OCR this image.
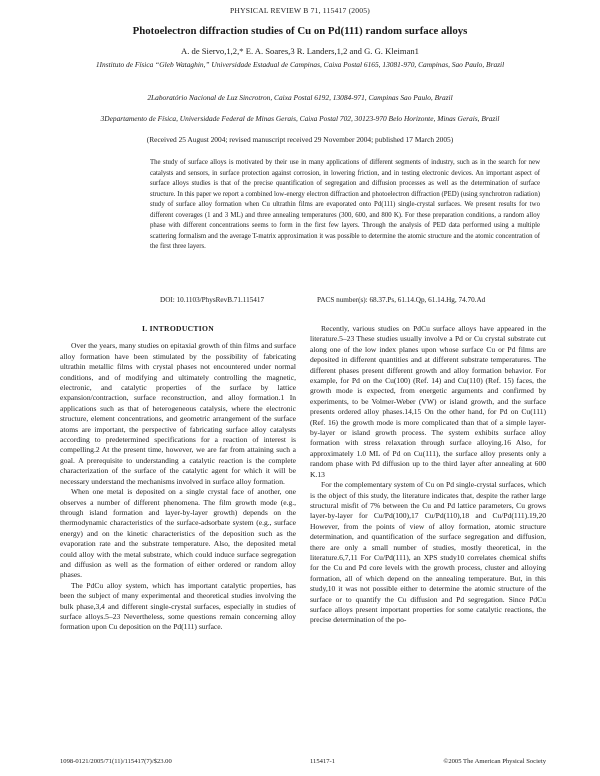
PHYSICAL REVIEW B 71, 115417 (2005)
Photoelectron diffraction studies of Cu on Pd(111) random surface alloys
A. de Siervo,1,2,* E. A. Soares,3 R. Landers,1,2 and G. G. Kleiman1
1Instituto de Física “Gleb Wataghin,” Universidade Estadual de Campinas, Caixa Postal 6165, 13081-970, Campinas, Sao Paulo, Brazil
2Laboratório Nacional de Luz Sincrotron, Caixa Postal 6192, 13084-971, Campinas Sao Paulo, Brazil
3Departamento de Física, Universidade Federal de Minas Gerais, Caixa Postal 702, 30123-970 Belo Horizonte, Minas Gerais, Brazil
(Received 25 August 2004; revised manuscript received 29 November 2004; published 17 March 2005)
The study of surface alloys is motivated by their use in many applications of different segments of industry, such as in the search for new catalysts and sensors, in surface protection against corrosion, in lowering friction, and in testing electronic devices. An important aspect of surface alloys studies is that of the precise quantification of segregation and diffusion processes as well as the determination of surface structure. In this paper we report a combined low-energy electron diffraction and photoelectron diffraction (PED) (using synchrotron radiation) study of surface alloy formation when Cu ultrathin films are evaporated onto Pd(111) single-crystal surfaces. We present results for two different coverages (1 and 3 ML) and three annealing temperatures (300, 600, and 800 K). For these preparation conditions, a random alloy phase with different concentrations seems to form in the first few layers. Through the analysis of PED data performed using a multiple scattering formalism and the average T-matrix approximation it was possible to determine the atomic structure and the atomic concentration of the first three layers.
DOI: 10.1103/PhysRevB.71.115417	PACS number(s): 68.37.Ps, 61.14.Qp, 61.14.Hg, 74.70.Ad
I. INTRODUCTION

Over the years, many studies on epitaxial growth of thin films and surface alloy formation have been stimulated by the possibility of fabricating ultrathin metallic films with crystal phases not encountered under normal conditions, and of modifying and ultimately controlling the magnetic, electronic, and catalytic properties of the surface by lattice expansion/contraction, surface reconstruction, and alloy formation.1 In applications such as that of heterogeneous catalysis, where the electronic structure, element concentrations, and geometric arrangement of the surface atoms are important, the perspective of fabricating surface alloy catalysts according to predetermined specifications for a reaction of interest is compelling.2 At the present time, however, we are far from attaining such a goal. A prerequisite to understanding a catalytic reaction is the complete characterization of the surface of the catalytic agent for which it will be necessary understand the mechanisms involved in surface alloy formation.

When one metal is deposited on a single crystal face of another, one observes a number of different phenomena. The film growth mode (e.g., through island formation and layer-by-layer growth) depends on the thermodynamic characteristics of the surface-adsorbate system (e.g., surface energy) and on the kinetic characteristics of the deposition such as the evaporation rate and the substrate temperature. Also, the deposited metal could alloy with the metal substrate, which could induce surface segregation and diffusion as well as the formation of either ordered or random alloy phases.

The PdCu alloy system, which has important catalytic properties, has been the subject of many experimental and theoretical studies involving the bulk phase,3,4 and different single-crystal surfaces, especially in studies of surface alloys.5–23 Nevertheless, some questions remain concerning alloy formation upon Cu deposition on the Pd(111) surface.

Recently, various studies on PdCu surface alloys have appeared in the literature.5–23 These studies usually involve a Pd or Cu crystal substrate cut along one of the low index planes upon whose surface Cu or Pd films are deposited in different quantities and at different substrate temperatures. The different phases present different growth and alloy formation behavior. For example, for Pd on the Cu(100) (Ref. 14) and Cu(110) (Ref. 15) faces, the growth mode is expected, from energetic arguments and confirmed by experiments, to be Volmer-Weber (VW) or island growth, and the surface presents ordered alloy phases.14,15 On the other hand, for Pd on Cu(111) (Ref. 16) the growth mode is more complicated than that of a simple layer-by-layer or island growth process. The system exhibits surface alloy formation with stress relaxation through surface alloying.16 Also, for approximately 1.0 ML of Pd on Cu(111), the surface alloy presents only a random phase with Pd diffusion up to the third layer after annealing at 600 K.13

For the complementary system of Cu on Pd single-crystal surfaces, which is the object of this study, the literature indicates that, despite the rather large structural misfit of 7% between the Cu and Pd lattice parameters, Cu grows layer-by-layer for Cu/Pd(100),17 Cu/Pd(110),18 and Cu/Pd(111).19,20 However, from the points of view of alloy formation, atomic structure determination, and quantification of the surface segregation and diffusion, there are only a small number of studies, mostly theoretical, in the literature.6,7,11 For Cu/Pd(111), an XPS study10 correlates chemical shifts for the Cu and Pd core levels with the growth process, cluster and alloying formation, all of which depend on the annealing temperature. But, in this study,10 it was not possible either to determine the atomic structure of the surface or to quantify the Cu diffusion and Pd segregation. Since PdCu surface alloys present important properties for some catalytic reactions, the precise determination of the po-

1098-0121/2005/71(11)/115417(7)/$23.00	115417-1	©2005 The American Physical Society
